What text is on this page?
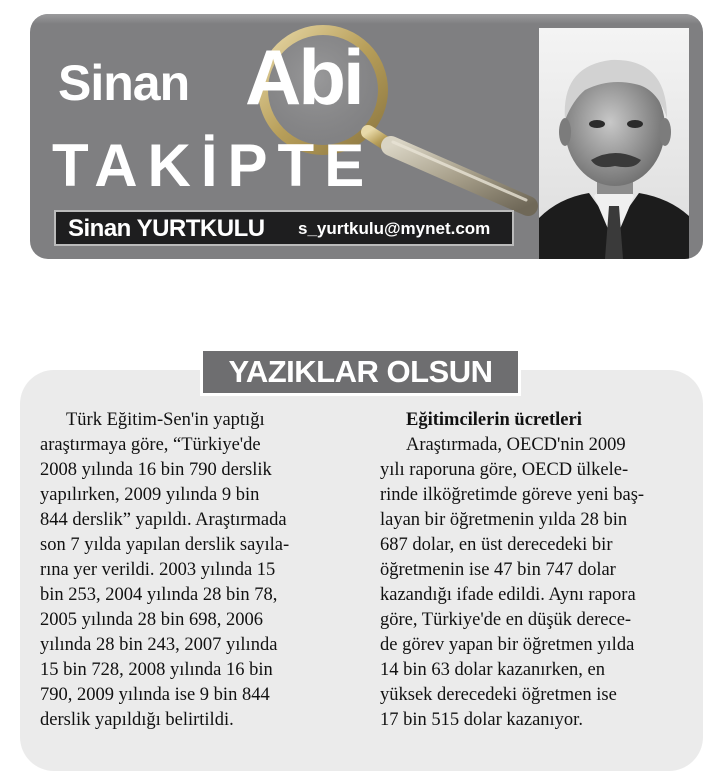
Sinan Abi
TAKİPTE
Sinan YURTKULU s_yurtkulu@mynet.com
YAZIKLAR OLSUN

Türk Eğitim-Sen'in yaptığı
araştırmaya göre, “Türkiye'de
2008 yılında 16 bin 790 derslik
yapılırken, 2009 yılında 9 bin
844 derslik” yapıldı. Araştırmada
son 7 yılda yapılan derslik sayıla-
rına yer verildi. 2003 yılında 15
bin 253, 2004 yılında 28 bin 78,
2005 yılında 28 bin 698, 2006
yılında 28 bin 243, 2007 yılında
15 bin 728, 2008 yılında 16 bin
790, 2009 yılında ise 9 bin 844
derslik yapıldığı belirtildi.

Eğitimcilerin ücretleri

Araştırmada, OECD'nin 2009
yılı raporuna göre, OECD ülkele-
rinde ilköğretimde göreve yeni baş-
layan bir öğretmenin yılda 28 bin
687 dolar, en üst derecedeki bir
öğretmenin ise 47 bin 747 dolar
kazandığı ifade edildi. Aynı rapora
göre, Türkiye'de en düşük derece-
de görev yapan bir öğretmen yılda
14 bin 63 dolar kazanırken, en
yüksek derecedeki öğretmen ise
17 bin 515 dolar kazanıyor.
